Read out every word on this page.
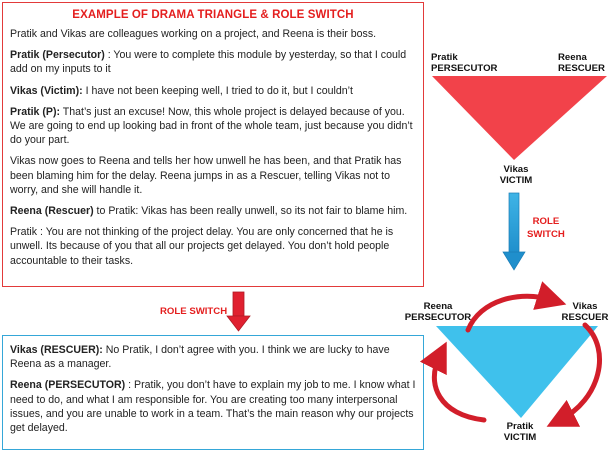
EXAMPLE OF DRAMA TRIANGLE & ROLE SWITCH

Pratik and Vikas are colleagues working on a project, and Reena is their boss.

Pratik (Persecutor) : You were to complete this module by yesterday, so that I could add on my inputs to it

Vikas (Victim): I have not been keeping well, I tried to do it, but I couldn’t

Pratik (P): That’s just an excuse! Now, this whole project is delayed because of you. We are going to end up looking bad in front of the whole team, just because you didn’t do your part.

Vikas now goes to Reena and tells her how unwell he has been, and that Pratik has been blaming him for the delay. Reena jumps in as a Rescuer, telling Vikas not to worry, and she will handle it.

Reena (Rescuer) to Pratik: Vikas has been really unwell, so its not fair to blame him.

Pratik : You are not thinking of the project delay. You are only concerned that he is unwell. Its because of you that all our projects get delayed. You don’t hold people accountable to their tasks.

Vikas (RESCUER): No Pratik, I don’t agree with you. I think we are lucky to have Reena as a manager.

Reena (PERSECUTOR) : Pratik, you don’t have to explain my job to me. I know what I need to do, and what I am responsible for. You are creating too many interpersonal issues, and you are unable to work in a team. That’s the main reason why our projects get delayed.

ROLE SWITCH
Pratik
PERSECUTOR
Reena
RESCUER
Vikas
VICTIM
ROLE
SWITCH
Reena
PERSECUTOR
Vikas
RESCUER
Pratik
VICTIM
